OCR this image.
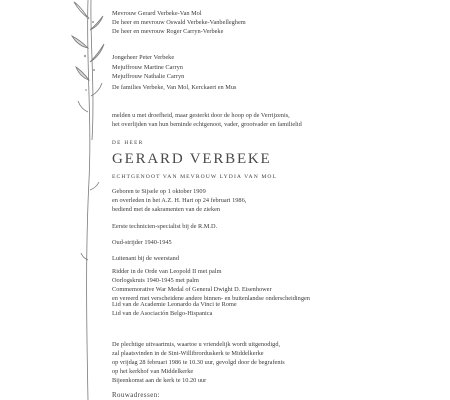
Mevrouw Gerard Verbeke-Van Mol
De heer en mevrouw Oswald Verbeke-Vanbelleghem
De heer en mevrouw Roger Carryn-Verbeke
Jongeheer Peter Verbeke
Mejuffrouw Martine Carryn
Mejuffrouw Nathalie Carryn
De families Verbeke, Van Mol, Kerckaert en Mus
melden u met droefheid, maar gesterkt door de hoop op de Verrijzenis,
het overlijden van hun beminde echtgenoot, vader, grootvader en familielid
DE HEER
GERARD VERBEKE
ECHTGENOOT VAN MEVROUW LYDIA VAN MOL
Geboren te Sijsele op 1 oktober 1909
en overleden in het A.Z. H. Hart op 24 februari 1986,
bediend met de sakramenten van de zieken
Eerste technicien-specialist bij de R.M.D.
Oud-strijder 1940-1945
Luitenant bij de weerstand
Ridder in de Orde van Leopold II met palm
Oorlogskruis 1940-1945 met palm
Commemorative War Medal of General Dwight D. Eisenhower
en vereerd met verscheidene andere binnen- en buitenlandse onderscheidingen
Lid van de Academie Leonardo da Vinci te Rome
Lid van de Asociación Belgo-Hispanica
De plechtige uitvaartmis, waartoe u vriendelijk wordt uitgenodigd,
zal plaatsvinden in de Sint-Willibrorduskerk te Middelkerke
op vrijdag 28 februari 1986 te 10.30 uur, gevolgd door de begrafenis
op het kerkhof van Middelkerke
Bijeenkomst aan de kerk te 10.20 uur
Rouwadressen:
